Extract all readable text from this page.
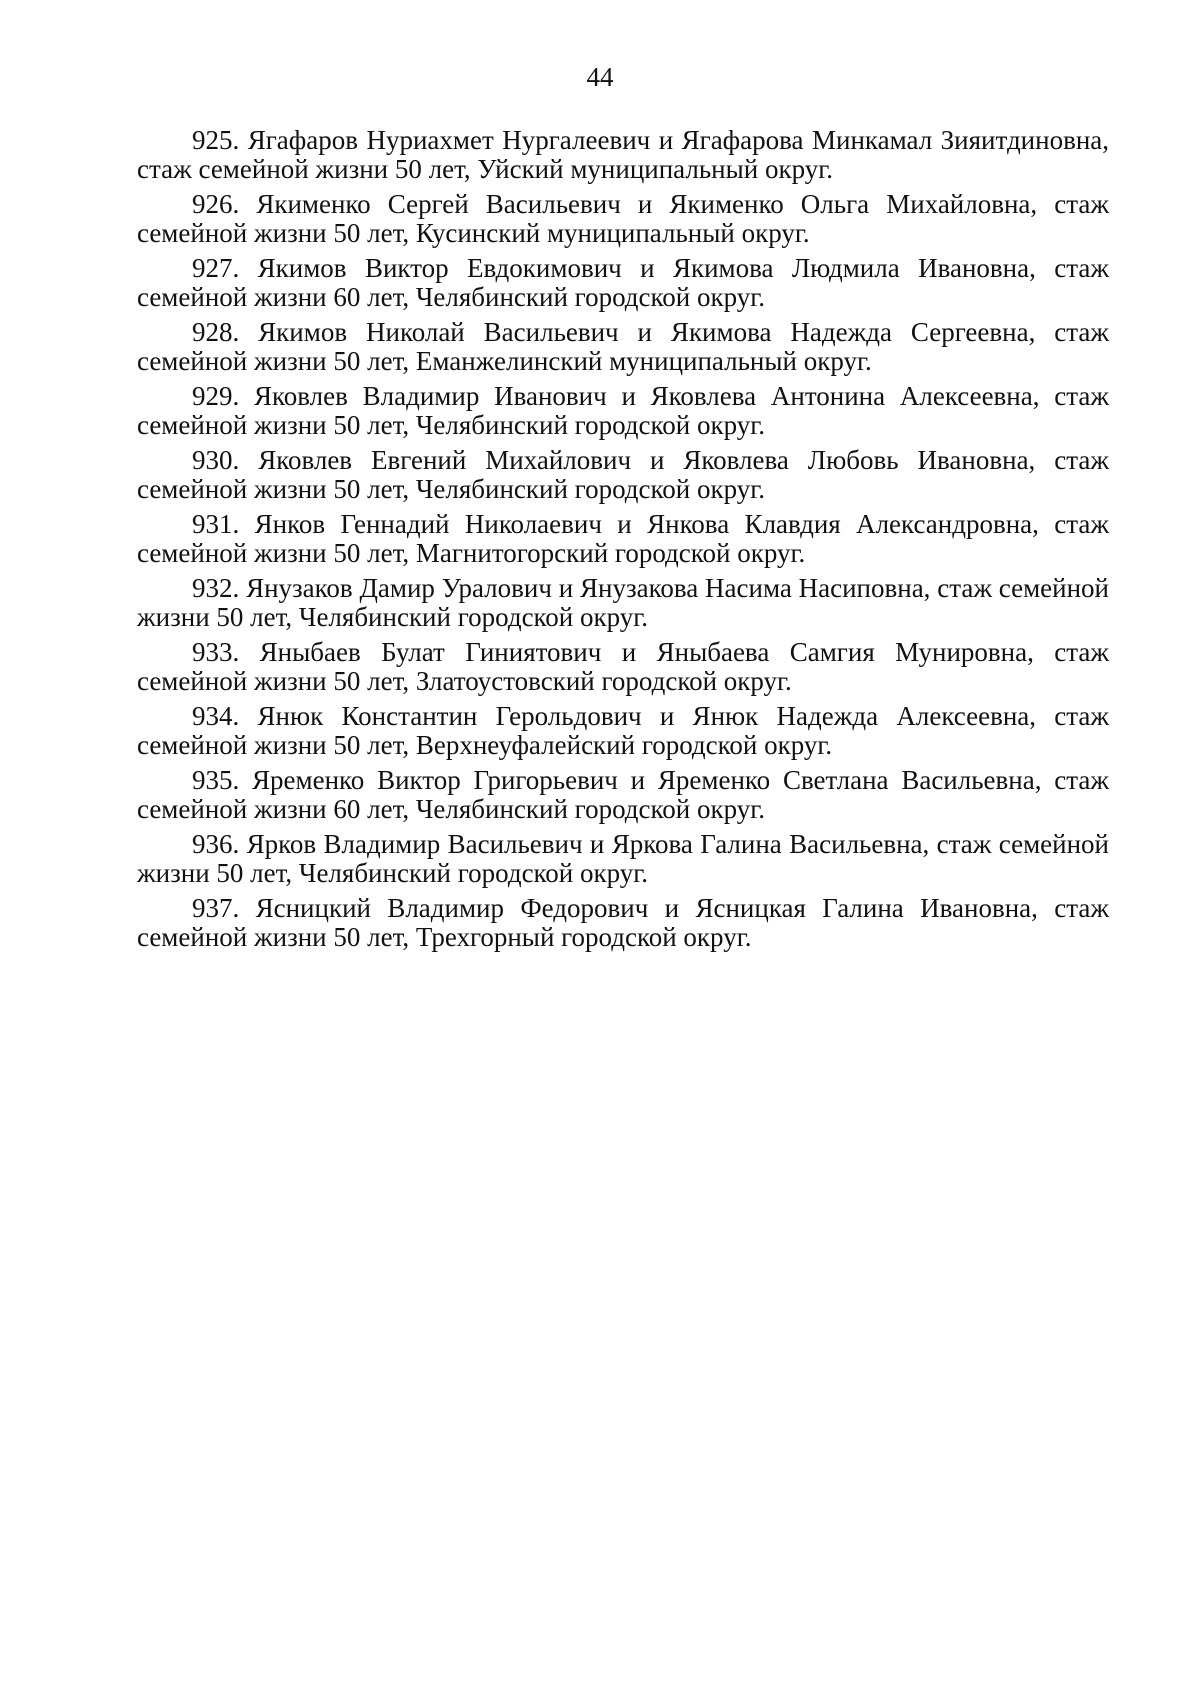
44
925. Ягафаров Нуриахмет Нургалеевич и Ягафарова Минкамал Зияитдиновна, стаж семейной жизни 50 лет, Уйский муниципальный округ.
926. Якименко Сергей Васильевич и Якименко Ольга Михайловна, стаж семейной жизни 50 лет, Кусинский муниципальный округ.
927. Якимов Виктор Евдокимович и Якимова Людмила Ивановна, стаж семейной жизни 60 лет, Челябинский городской округ.
928. Якимов Николай Васильевич и Якимова Надежда Сергеевна, стаж семейной жизни 50 лет, Еманжелинский муниципальный округ.
929. Яковлев Владимир Иванович и Яковлева Антонина Алексеевна, стаж семейной жизни 50 лет, Челябинский городской округ.
930. Яковлев Евгений Михайлович и Яковлева Любовь Ивановна, стаж семейной жизни 50 лет, Челябинский городской округ.
931. Янков Геннадий Николаевич и Янкова Клавдия Александровна, стаж семейной жизни 50 лет, Магнитогорский городской округ.
932. Янузаков Дамир Уралович и Янузакова Насима Насиповна, стаж семейной жизни 50 лет, Челябинский городской округ.
933. Яныбаев Булат Гиниятович и Яныбаева Самгия Мунировна, стаж семейной жизни 50 лет, Златоустовский городской округ.
934. Янюк Константин Герольдович и Янюк Надежда Алексеевна, стаж семейной жизни 50 лет, Верхнеуфалейский городской округ.
935. Яременко Виктор Григорьевич и Яременко Светлана Васильевна, стаж семейной жизни 60 лет, Челябинский городской округ.
936. Ярков Владимир Васильевич и Яркова Галина Васильевна, стаж семейной жизни 50 лет, Челябинский городской округ.
937. Ясницкий Владимир Федорович и Ясницкая Галина Ивановна, стаж семейной жизни 50 лет, Трехгорный городской округ.
